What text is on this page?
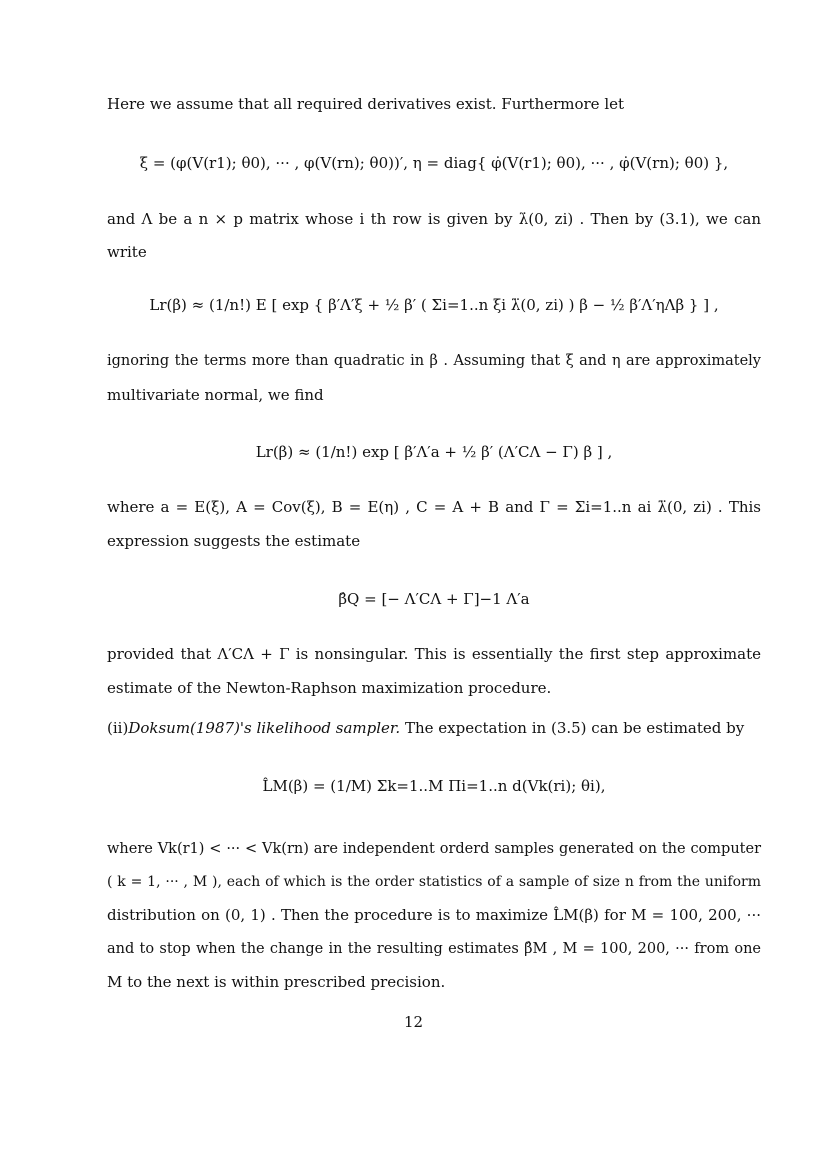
Here we assume that all required derivatives exist. Furthermore let
ξ = (φ(V(r1); θ0), ··· , φ(V(rn); θ0))′, η = diag{ φ̇(V(r1); θ0), ··· , φ̇(V(rn); θ0) },
and Λ be a n × p matrix whose i th row is given by λ̇(0, zi) . Then by (3.1), we can
write
Lr(β) ≈ (1/n!) E [ exp { β′Λ′ξ + ½ β′ ( Σi=1..n ξi λ̈(0, zi) ) β − ½ β′Λ′ηΛβ } ] ,
ignoring the terms more than quadratic in β . Assuming that ξ and η are approximately
multivariate normal, we find
Lr(β) ≈ (1/n!) exp [ β′Λ′a + ½ β′ (Λ′CΛ − Γ) β ] ,
where a = E(ξ), A = Cov(ξ), B = E(η) , C = A + B and Γ = Σi=1..n ai λ̈(0, zi) . This
expression suggests the estimate
β̂Q = [− Λ′CΛ + Γ]−1 Λ′a
provided that Λ′CΛ + Γ is nonsingular. This is essentially the first step approximate
estimate of the Newton-Raphson maximization procedure.
(ii)Doksum(1987)'s likelihood sampler. The expectation in (3.5) can be estimated by
L̂M(β) = (1/M) Σk=1..M Πi=1..n d(Vk(ri); θi),
where Vk(r1) < ··· < Vk(rn) are independent orderd samples generated on the computer
( k = 1, ··· , M ), each of which is the order statistics of a sample of size n from the uniform
distribution on (0, 1) . Then the procedure is to maximize L̂M(β) for M = 100, 200, ···
and to stop when the change in the resulting estimates β̂M , M = 100, 200, ··· from one
M to the next is within prescribed precision.
12
